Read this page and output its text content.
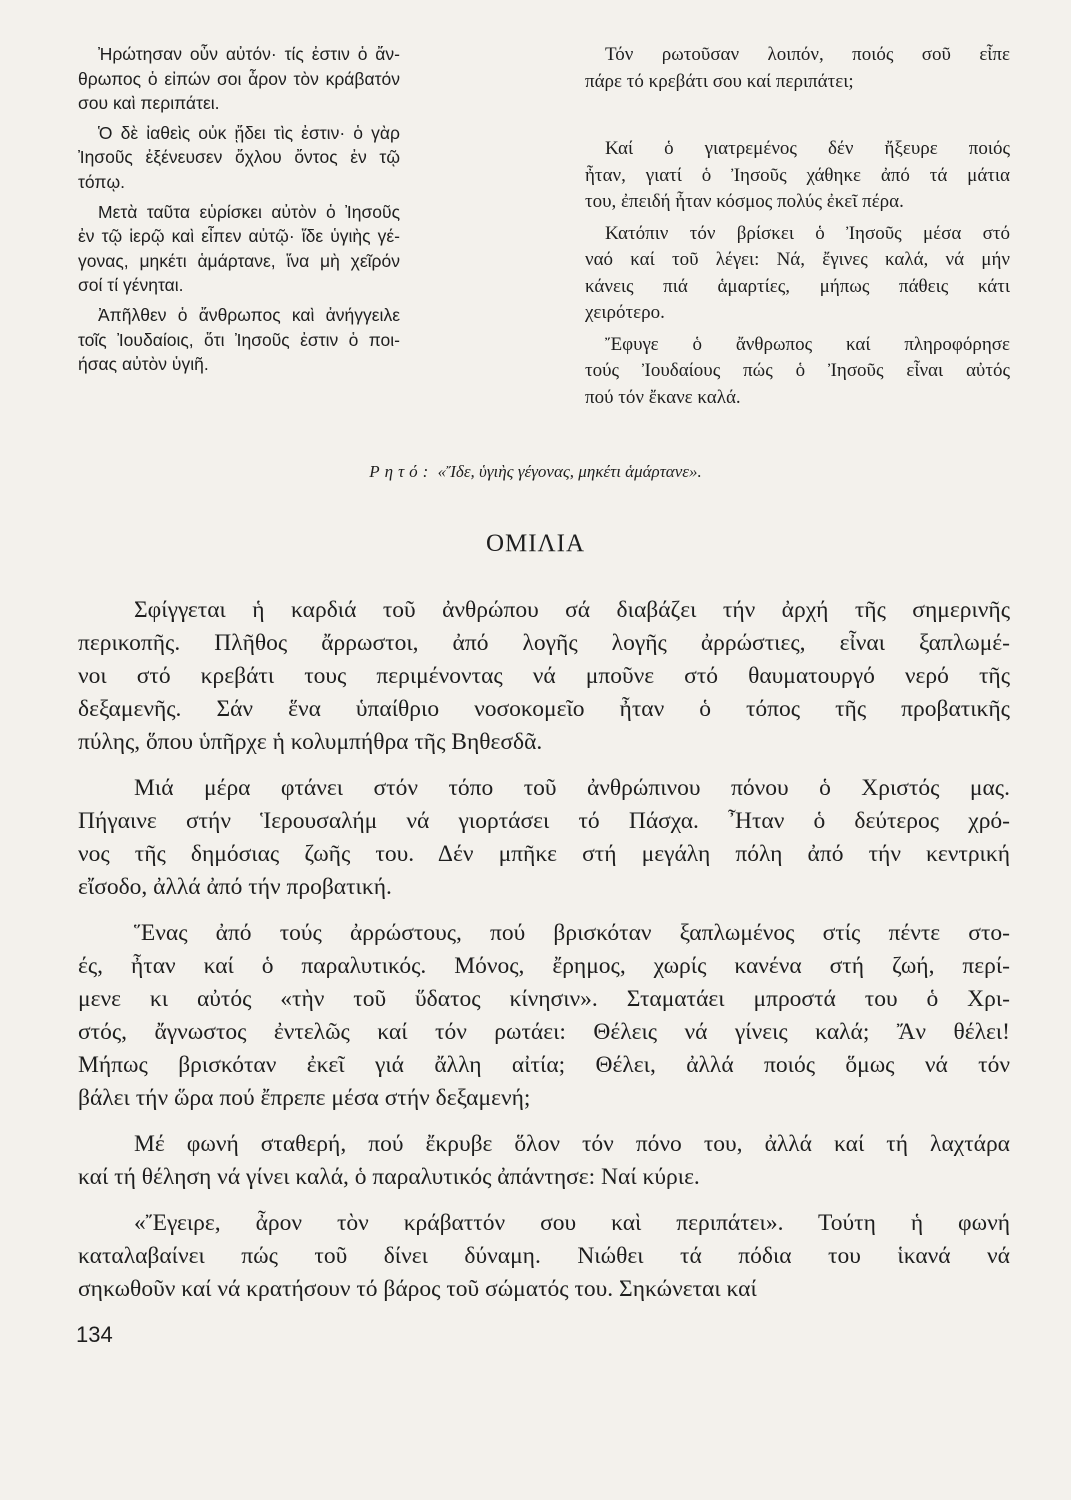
Ἠρώτησαν οὖν αὐτόν· τίς ἐστιν ὁ ἄν-
θρωπος ὁ εἰπών σοι ἆρον τὸν κράβατόν
σου καὶ περιπάτει.
Ὁ δὲ ἰαθεὶς οὐκ ᾔδει τὶς ἐστιν· ὁ γὰρ
Ἰησοῦς ἐξένευσεν ὄχλου ὄντος ἐν τῷ
τόπῳ.
Μετὰ ταῦτα εὑρίσκει αὐτὸν ὁ Ἰησοῦς
ἐν τῷ ἱερῷ καὶ εἶπεν αὐτῷ· ἴδε ὑγιὴς γέ-
γονας, μηκέτι ἁμάρτανε, ἵνα μὴ χεῖρόν
σοί τί γένηται.
Ἀπῆλθεν ὁ ἄνθρωπος καὶ ἀνήγγειλε
τοῖς Ἰουδαίοις, ὅτι Ἰησοῦς ἐστιν ὁ ποι-
ήσας αὐτὸν ὑγιῆ.
Τόν ρωτοῦσαν λοιπόν, ποιός σοῦ εἶπε
πάρε τό κρεβάτι σου καί περιπάτει;
Καί ὁ γιατρεμένος δέν ἤξευρε ποιός
ἦταν, γιατί ὁ Ἰησοῦς χάθηκε ἀπό τά μάτια
του, ἐπειδή ἦταν κόσμος πολύς ἐκεῖ πέρα.
Κατόπιν τόν βρίσκει ὁ Ἰησοῦς μέσα στό
ναό καί τοῦ λέγει: Νά, ἔγινες καλά, νά μήν
κάνεις πιά ἁμαρτίες, μήπως πάθεις κάτι
χειρότερο.
Ἔφυγε ὁ ἄνθρωπος καί πληροφόρησε
τούς Ἰουδαίους πώς ὁ Ἰησοῦς εἶναι αὐτός
πού τόν ἔκανε καλά.
Ρητό: «Ἴδε, ὑγιὴς γέγονας, μηκέτι ἁμάρτανε».
ΟΜΙΛΙΑ
Σφίγγεται ἡ καρδιά τοῦ ἀνθρώπου σά διαβάζει τήν ἀρχή τῆς σημερινῆς
περικοπῆς. Πλῆθος ἄρρωστοι, ἀπό λογῆς λογῆς ἀρρώστιες, εἶναι ξαπλωμέ-
νοι στό κρεβάτι τους περιμένοντας νά μποῦνε στό θαυματουργό νερό τῆς
δεξαμενῆς. Σάν ἕνα ὑπαίθριο νοσοκομεῖο ἦταν ὁ τόπος τῆς προβατικῆς
πύλης, ὅπου ὑπῆρχε ἡ κολυμπήθρα τῆς Βηθεσδᾶ.
Μιά μέρα φτάνει στόν τόπο τοῦ ἀνθρώπινου πόνου ὁ Χριστός μας.
Πήγαινε στήν Ἱερουσαλήμ νά γιορτάσει τό Πάσχα. Ἦταν ὁ δεύτερος χρό-
νος τῆς δημόσιας ζωῆς του. Δέν μπῆκε στή μεγάλη πόλη ἀπό τήν κεντρική
εἴσοδο, ἀλλά ἀπό τήν προβατική.
Ἕνας ἀπό τούς ἀρρώστους, πού βρισκόταν ξαπλωμένος στίς πέντε στο-
ές, ἦταν καί ὁ παραλυτικός. Μόνος, ἔρημος, χωρίς κανένα στή ζωή, περί-
μενε κι αὐτός «τὴν τοῦ ὕδατος κίνησιν». Σταματάει μπροστά του ὁ Χρι-
στός, ἄγνωστος ἐντελῶς καί τόν ρωτάει: Θέλεις νά γίνεις καλά; Ἄν θέλει!
Μήπως βρισκόταν ἐκεῖ γιά ἄλλη αἰτία; Θέλει, ἀλλά ποιός ὅμως νά τόν
βάλει τήν ὥρα πού ἔπρεπε μέσα στήν δεξαμενή;
Μέ φωνή σταθερή, πού ἔκρυβε ὅλον τόν πόνο του, ἀλλά καί τή λαχτάρα
καί τή θέληση νά γίνει καλά, ὁ παραλυτικός ἀπάντησε: Ναί κύριε.
«Ἔγειρε, ἆρον τὸν κράβαττόν σου καὶ περιπάτει». Τούτη ἡ φωνή
καταλαβαίνει πώς τοῦ δίνει δύναμη. Νιώθει τά πόδια του ἱκανά νά
σηκωθοῦν καί νά κρατήσουν τό βάρος τοῦ σώματός του. Σηκώνεται καί
134
